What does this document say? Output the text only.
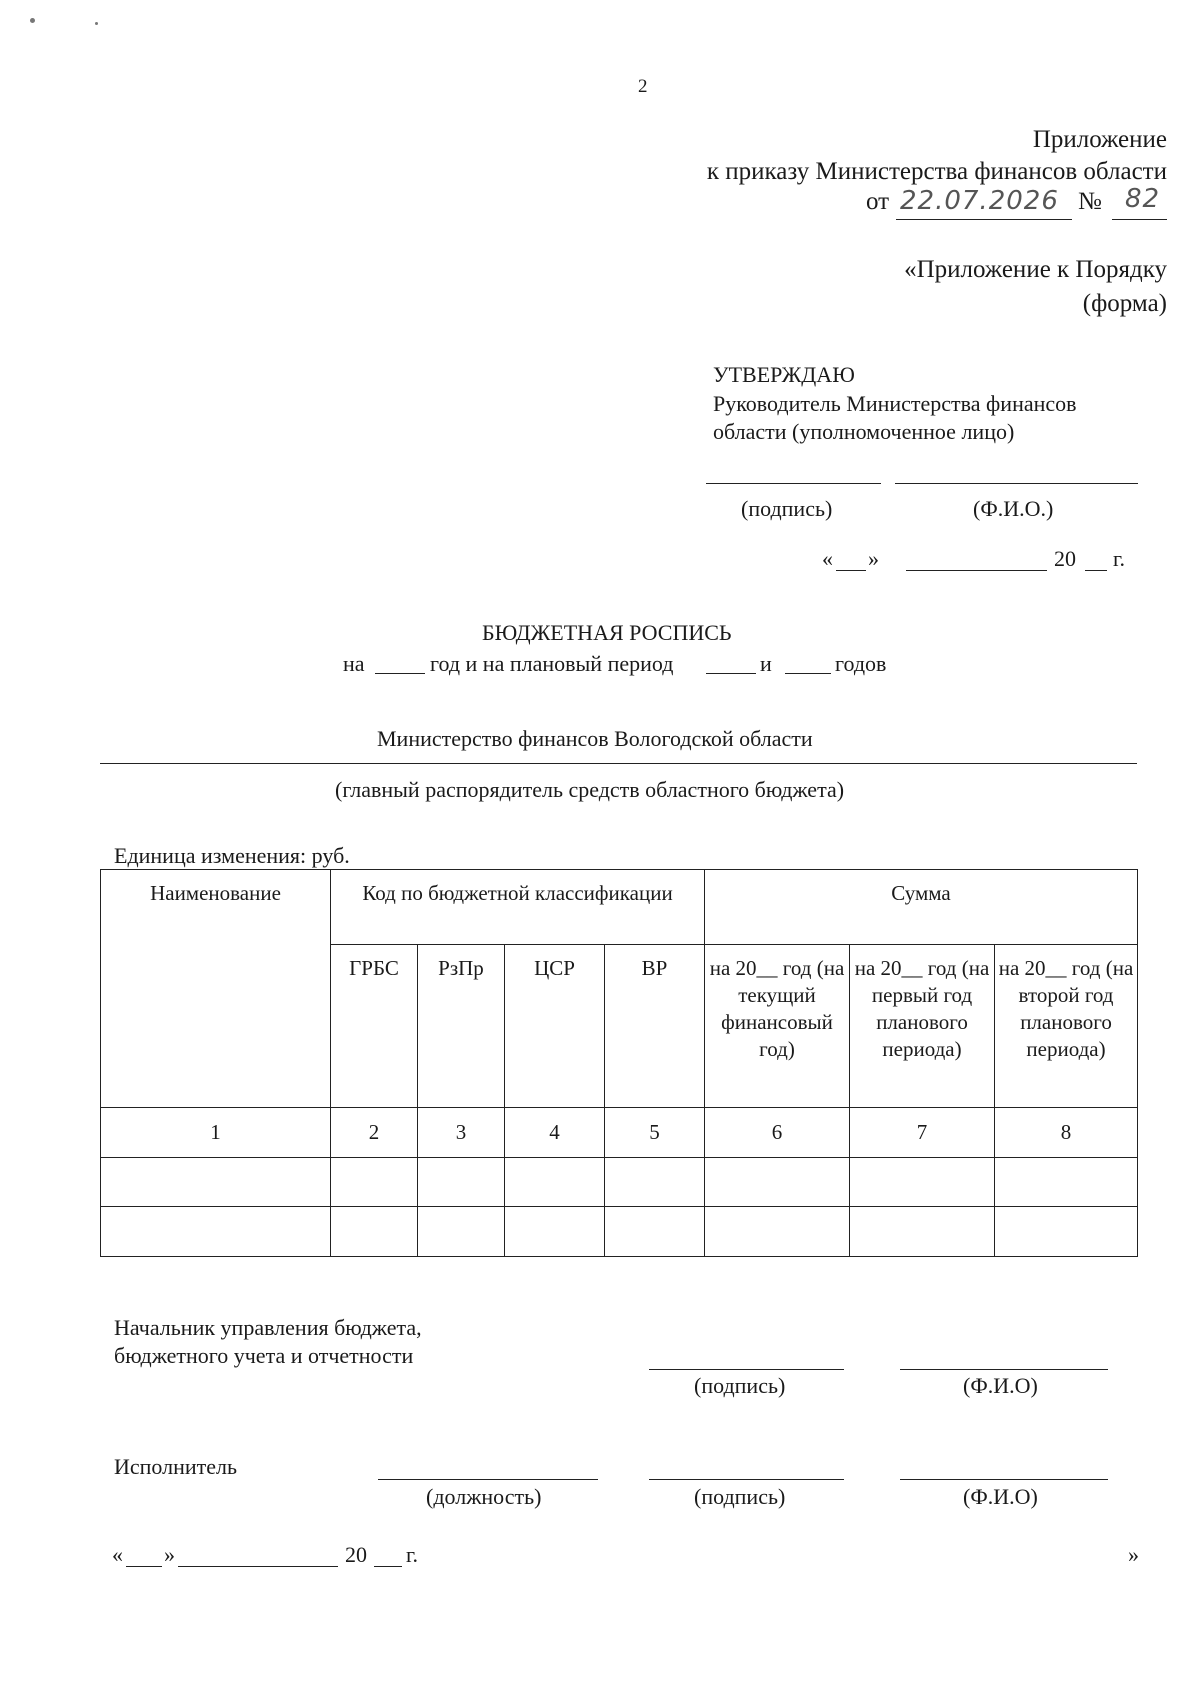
2
Приложение
к приказу Министерства финансов области
от 22.07.2026 № 82
«Приложение к Порядку
(форма)
УТВЕРЖДАЮ
Руководитель Министерства финансов
области (уполномоченное лицо)
(подпись)	(Ф.И.О.)
« »	20 г.
БЮДЖЕТНАЯ РОСПИСЬ
на	год и на плановый период	и	годов
Министерство финансов Вологодской области
(главный распорядитель средств областного бюджета)
Единица изменения: руб.
Наименование	Код по бюджетной классификации				Сумма		
	ГРБС	РзПр	ЦСР	ВР	на 20__ год (на текущий финансовый год)	на 20__ год (на первый год планового периода)	на 20__ год (на второй год планового периода)
1	2	3	4	5	6	7	8

Начальник управления бюджета,
бюджетного учета и отчетности
(подпись)	(Ф.И.О)
Исполнитель
(должность)	(подпись)	(Ф.И.О)
« »	20 г.	»
